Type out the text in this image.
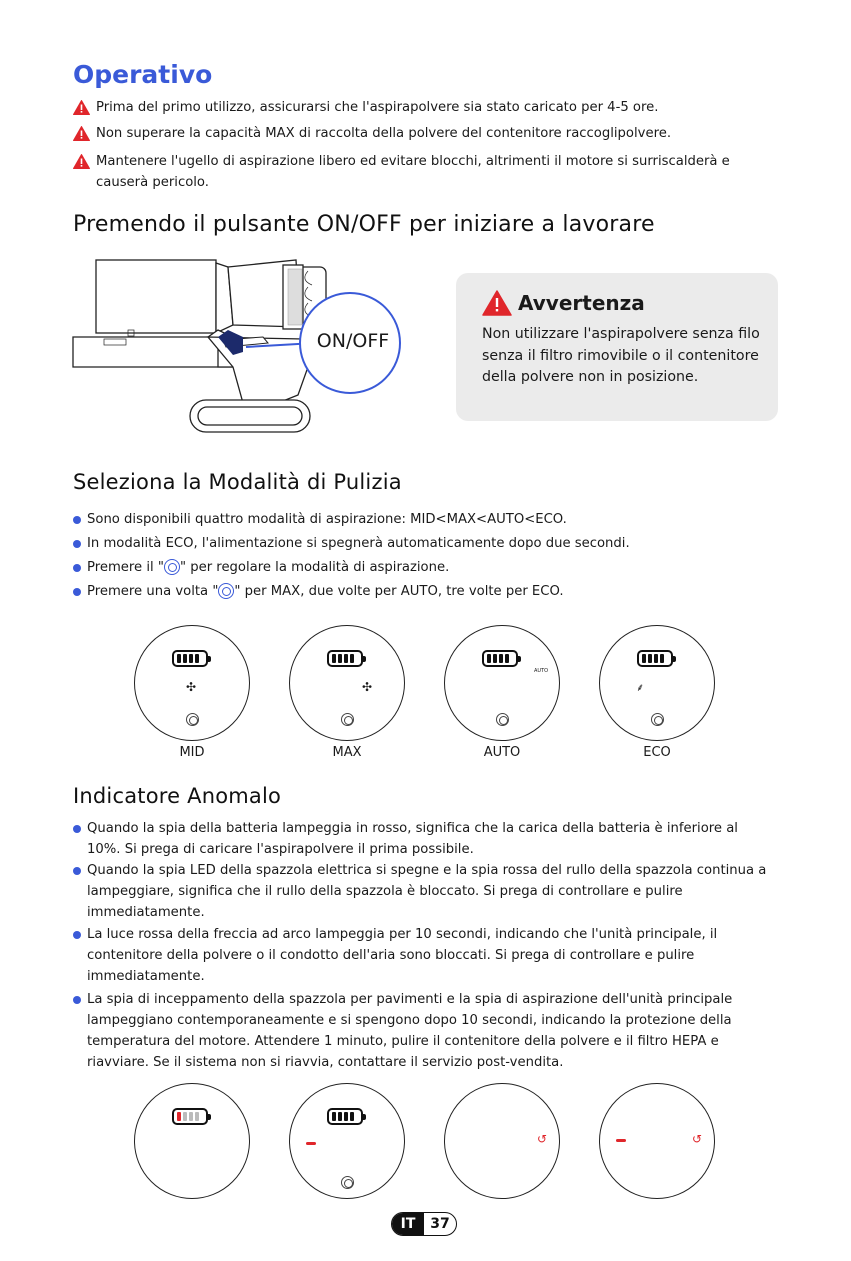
Operativo
Prima del primo utilizzo, assicurarsi che l'aspirapolvere sia stato caricato per 4-5 ore.
Non superare la capacità MAX di raccolta della polvere del contenitore raccoglipolvere.
Mantenere l'ugello di aspirazione libero ed evitare blocchi, altrimenti il motore si surriscalderà e causerà pericolo.
Premendo il pulsante ON/OFF per iniziare a lavorare
ON/OFF
Avvertenza
Non utilizzare l'aspirapolvere senza filo senza il filtro rimovibile o il contenitore della polvere non in posizione.
Seleziona la Modalità di Pulizia
Sono disponibili quattro modalità di aspirazione: MID<MAX<AUTO<ECO.
In modalità ECO, l'alimentazione si spegnerà automaticamente dopo due secondi.
Premere il " " per regolare la modalità di aspirazione.
Premere una volta " " per MAX, due volte per AUTO, tre volte per ECO.
✣	✣
AUTO
⸙
MID	MAX	AUTO	ECO
Indicatore Anomalo
Quando la spia della batteria lampeggia in rosso, significa che la carica della batteria è inferiore al 10%. Si prega di caricare l'aspirapolvere il prima possibile.
Quando la spia LED della spazzola elettrica si spegne e la spia rossa del rullo della spazzola continua a lampeggiare, significa che il rullo della spazzola è bloccato. Si prega di controllare e pulire immediatamente.
La luce rossa della freccia ad arco lampeggia per 10 secondi, indicando che l'unità principale, il contenitore della polvere o il condotto dell'aria sono bloccati. Si prega di controllare e pulire immediatamente.
La spia di inceppamento della spazzola per pavimenti e la spia di aspirazione dell'unità principale lampeggiano contemporaneamente e si spengono dopo 10 secondi, indicando la protezione della temperatura del motore. Attendere 1 minuto, pulire il contenitore della polvere e il filtro HEPA e riavviare. Se il sistema non si riavvia, contattare il servizio post-vendita.
↺	↺
IT	37
